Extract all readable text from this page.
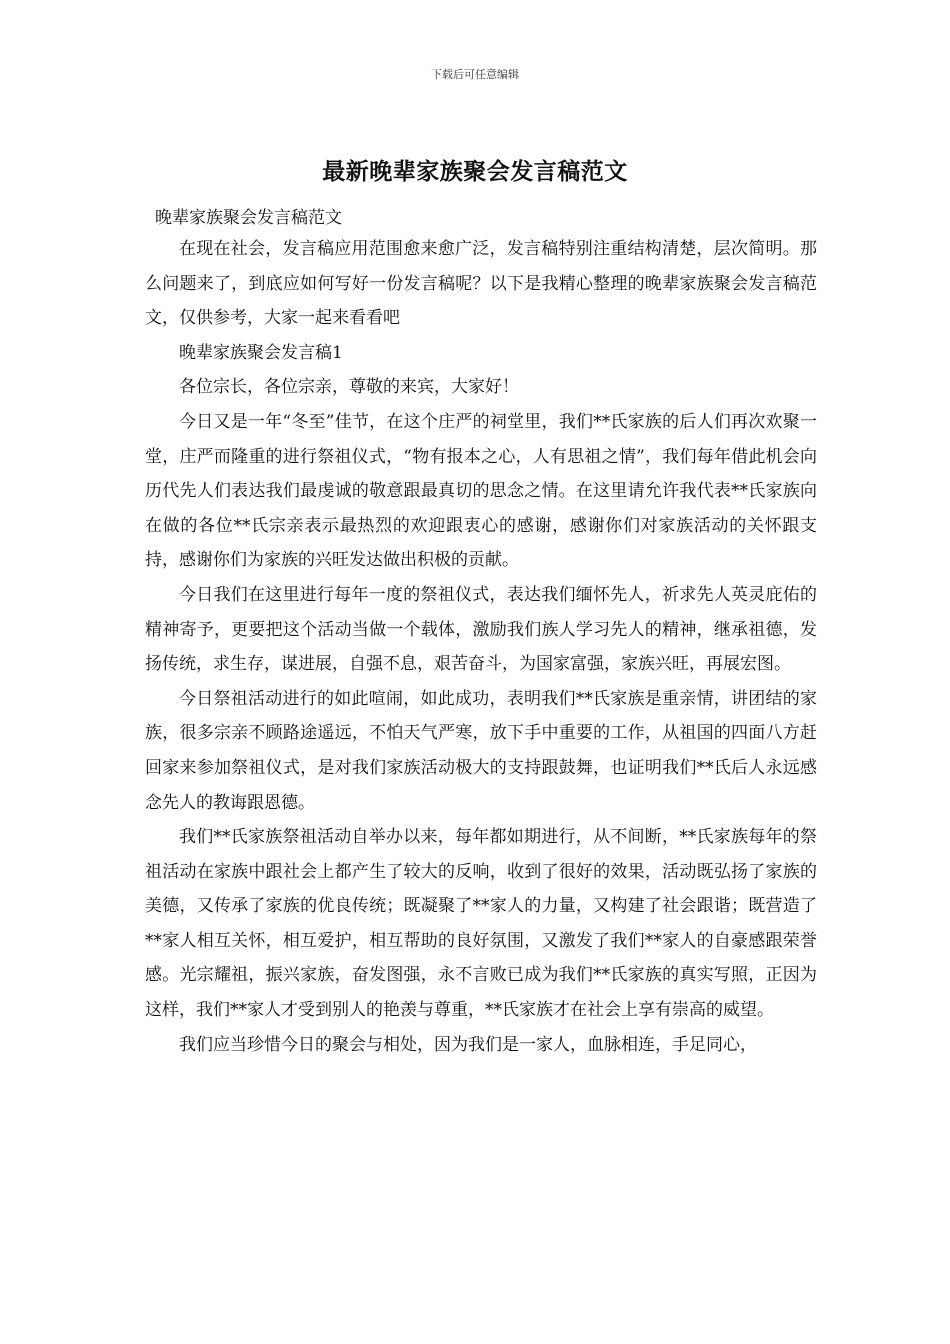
下载后可任意编辑
最新晚辈家族聚会发言稿范文
晚辈家族聚会发言稿范文

在现在社会，发言稿应用范围愈来愈广泛，发言稿特别注重结构清楚，层次简明。那么问题来了，到底应如何写好一份发言稿呢？以下是我精心整理的晚辈家族聚会发言稿范文，仅供参考，大家一起来看看吧

晚辈家族聚会发言稿1

各位宗长，各位宗亲，尊敬的来宾，大家好！

今日又是一年“冬至”佳节，在这个庄严的祠堂里，我们**氏家族的后人们再次欢聚一堂，庄严而隆重的进行祭祖仪式，“物有报本之心，人有思祖之情”，我们每年借此机会向历代先人们表达我们最虔诚的敬意跟最真切的思念之情。在这里请允许我代表**氏家族向在做的各位**氏宗亲表示最热烈的欢迎跟衷心的感谢，感谢你们对家族活动的关怀跟支持，感谢你们为家族的兴旺发达做出积极的贡献。

今日我们在这里进行每年一度的祭祖仪式，表达我们缅怀先人，祈求先人英灵庇佑的精神寄予，更要把这个活动当做一个载体，激励我们族人学习先人的精神，继承祖德，发扬传统，求生存，谋进展，自强不息，艰苦奋斗，为国家富强，家族兴旺，再展宏图。

今日祭祖活动进行的如此喧闹，如此成功，表明我们**氏家族是重亲情，讲团结的家族，很多宗亲不顾路途遥远，不怕天气严寒，放下手中重要的工作，从祖国的四面八方赶回家来参加祭祖仪式，是对我们家族活动极大的支持跟鼓舞，也证明我们**氏后人永远感念先人的教诲跟恩德。

我们**氏家族祭祖活动自举办以来，每年都如期进行，从不间断，**氏家族每年的祭祖活动在家族中跟社会上都产生了较大的反响，收到了很好的效果，活动既弘扬了家族的美德，又传承了家族的优良传统；既凝聚了**家人的力量，又构建了社会跟谐；既营造了**家人相互关怀，相互爱护，相互帮助的良好氛围，又激发了我们**家人的自豪感跟荣誉感。光宗耀祖，振兴家族，奋发图强，永不言败已成为我们**氏家族的真实写照，正因为这样，我们**家人才受到别人的艳羡与尊重，**氏家族才在社会上享有崇高的威望。

我们应当珍惜今日的聚会与相处，因为我们是一家人，血脉相连，手足同心，
